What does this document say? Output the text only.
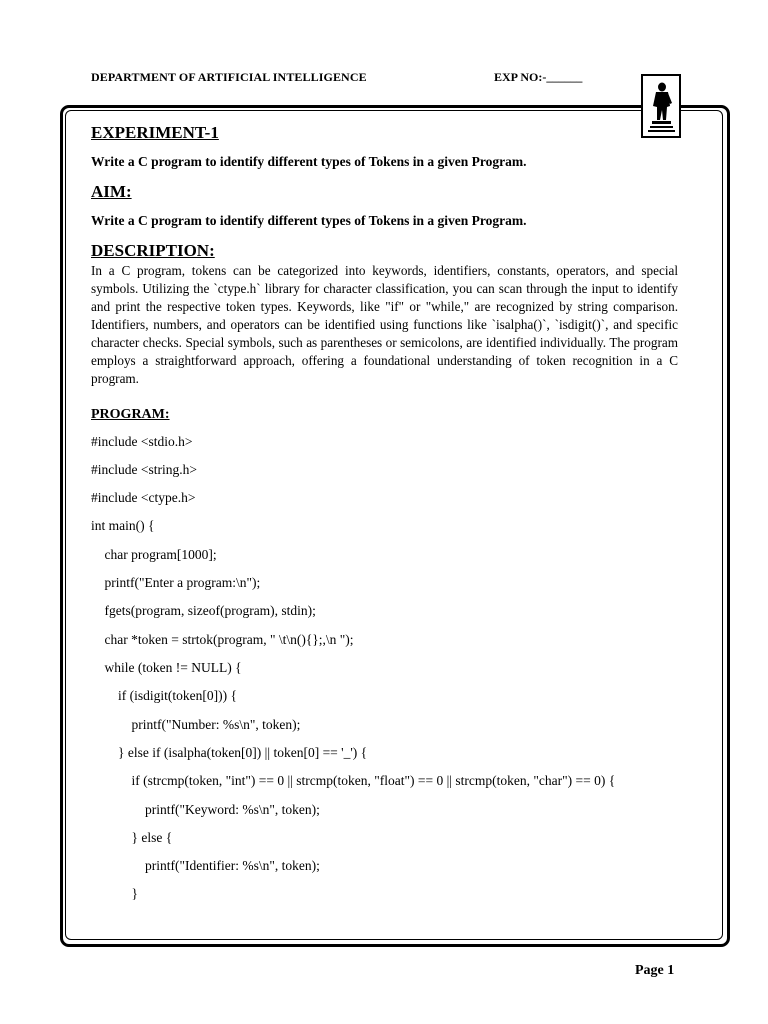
DEPARTMENT OF ARTIFICIAL INTELLIGENCE	EXP NO:-______
EXPERIMENT-1

Write a C program to identify different types of Tokens in a given Program.

AIM:

Write a C program to identify different types of Tokens in a given Program.

DESCRIPTION:

In a C program, tokens can be categorized into keywords, identifiers, constants, operators, and special symbols. Utilizing the `ctype.h` library for character classification, you can scan through the input to identify and print the respective token types. Keywords, like "if" or "while," are recognized by string comparison. Identifiers, numbers, and operators can be identified using functions like `isalpha()`, `isdigit()`, and specific character checks. Special symbols, such as parentheses or semicolons, are identified individually. The program employs a straightforward approach, offering a foundational understanding of token recognition in a C program.

PROGRAM:
#include <stdio.h>
#include <string.h>
#include <ctype.h>
int main() {
char program[1000];
printf("Enter a program:\n");
fgets(program, sizeof(program), stdin);
char *token = strtok(program, " \t\n(){};,\n ");
while (token != NULL) {
if (isdigit(token[0])) {
printf("Number: %s\n", token);
} else if (isalpha(token[0]) || token[0] == '_') {
if (strcmp(token, "int") == 0 || strcmp(token, "float") == 0 || strcmp(token, "char") == 0) {
printf("Keyword: %s\n", token);
} else {
printf("Identifier: %s\n", token);
}
Page 1
